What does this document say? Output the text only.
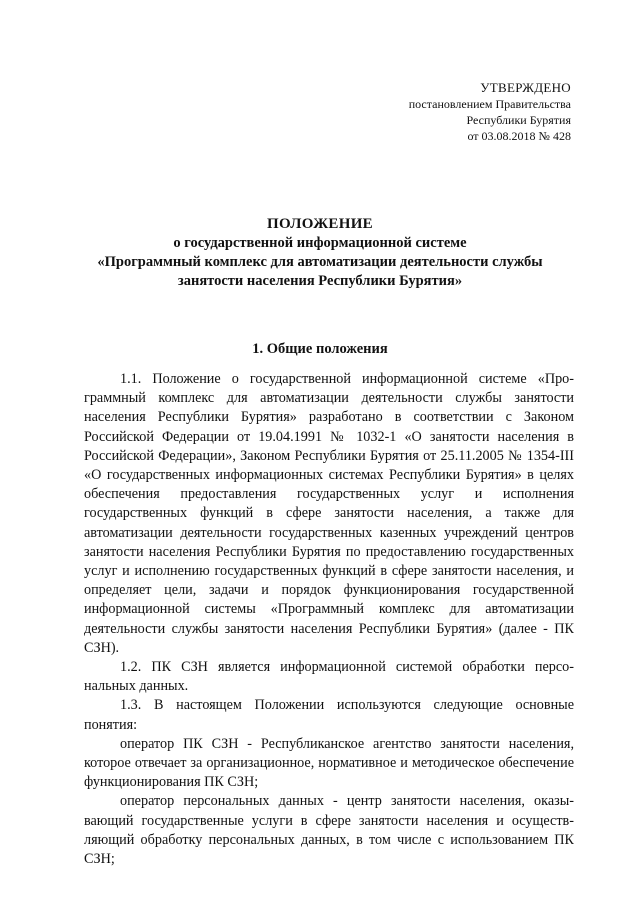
УТВЕРЖДЕНО
постановлением Правительства
Республики Бурятия
от 03.08.2018 № 428
ПОЛОЖЕНИЕ
о государственной информационной системе
«Программный комплекс для автоматизации деятельности службы
занятости населения Республики Бурятия»
1. Общие положения

1.1. Положение о государственной информационной системе «Программный комплекс для автоматизации деятельности службы занятости населения Республики Бурятия» разработано в соответствии с Законом Российской Федерации от 19.04.1991 № 1032-1 «О занятости населения в Российской Федерации», Законом Республики Бурятия от 25.11.2005 № 1354-III «О государственных информационных системах Республики Бурятия» в целях обеспечения предоставления государственных услуг и исполнения государственных функций в сфере занятости населения, а также для автоматизации деятельности государственных казенных учреждений центров занятости населения Республики Бурятия по предоставлению государственных услуг и исполнению государственных функций в сфере занятости населения, и определяет цели, задачи и порядок функционирования государственной информационной системы «Программный комплекс для автоматизации деятельности службы занятости населения Республики Бурятия» (далее - ПК СЗН).

1.2. ПК СЗН является информационной системой обработки персональных данных.

1.3. В настоящем Положении используются следующие основные понятия:

оператор ПК СЗН - Республиканское агентство занятости населения, которое отвечает за организационное, нормативное и методическое обеспечение функционирования ПК СЗН;

оператор персональных данных - центр занятости населения, оказывающий государственные услуги в сфере занятости населения и осуществляющий обработку персональных данных, в том числе с использованием ПК СЗН;
